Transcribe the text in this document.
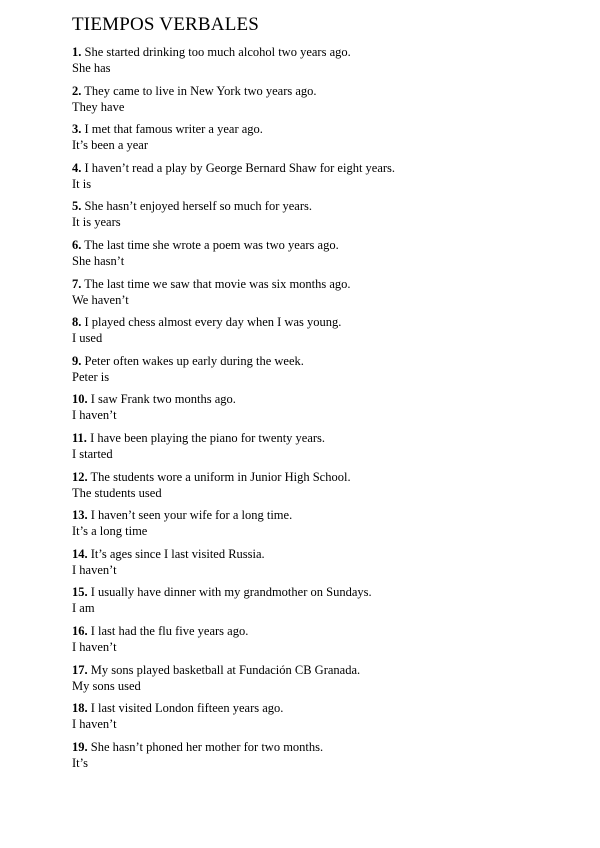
TIEMPOS VERBALES
1. She started drinking too much alcohol two years ago.
She has
2. They came to live in New York two years ago.
They have
3. I met that famous writer a year ago.
It’s been a year
4. I haven’t read a play by George Bernard Shaw for eight years.
It is
5. She hasn’t enjoyed herself so much for years.
It is years
6. The last time she wrote a poem was two years ago.
She hasn’t
7. The last time we saw that movie was six months ago.
We haven’t
8. I played chess almost every day when I was young.
I used
9. Peter often wakes up early during the week.
Peter is
10. I saw Frank two months ago.
I haven’t
11. I have been playing the piano for twenty years.
I started
12. The students wore a uniform in Junior High School.
The students used
13. I haven’t seen your wife for a long time.
It’s a long time
14. It’s ages since I last visited Russia.
I haven’t
15. I usually have dinner with my grandmother on Sundays.
I am
16. I last had the flu five years ago.
I haven’t
17. My sons played basketball at Fundación CB Granada.
My sons used
18. I last visited London fifteen years ago.
I haven’t
19. She hasn’t phoned her mother for two months.
It’s
